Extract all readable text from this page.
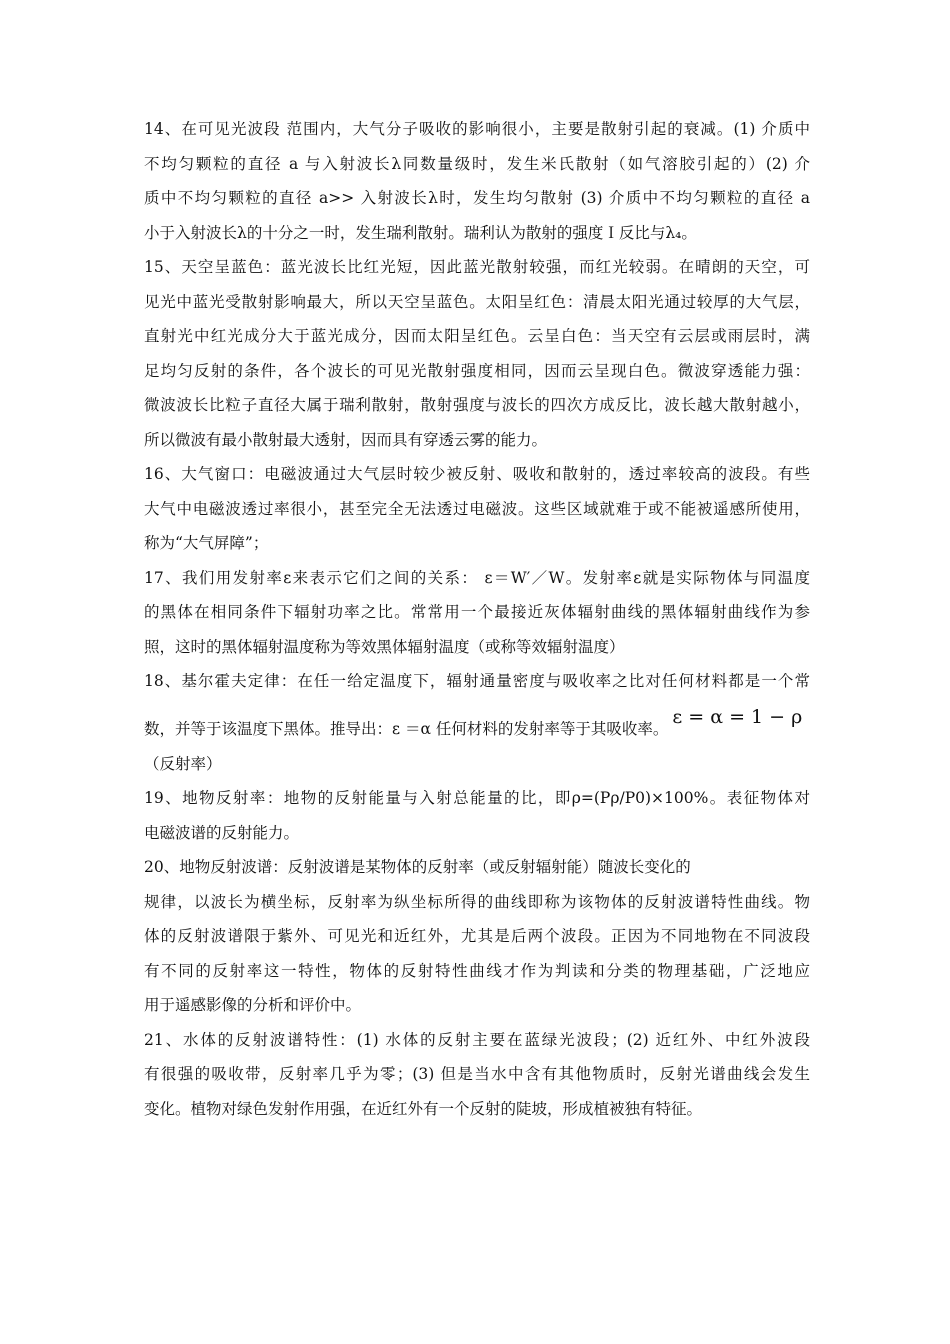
14、在可见光波段 范围内，大气分子吸收的影响很小，主要是散射引起的衰减。(1) 介质中
不均匀颗粒的直径 a 与入射波长λ同数量级时，发生米氏散射（如气溶胶引起的）(2) 介
质中不均匀颗粒的直径 a>> 入射波长λ时，发生均匀散射 (3) 介质中不均匀颗粒的直径 a
小于入射波长λ的十分之一时，发生瑞利散射。瑞利认为散射的强度Ｉ反比与λ₄。
15、天空呈蓝色：蓝光波长比红光短，因此蓝光散射较强，而红光较弱。在晴朗的天空，可
见光中蓝光受散射影响最大，所以天空呈蓝色。太阳呈红色：清晨太阳光通过较厚的大气层，
直射光中红光成分大于蓝光成分，因而太阳呈红色。云呈白色：当天空有云层或雨层时，满
足均匀反射的条件，各个波长的可见光散射强度相同，因而云呈现白色。微波穿透能力强：
微波波长比粒子直径大属于瑞利散射，散射强度与波长的四次方成反比，波长越大散射越小，
所以微波有最小散射最大透射，因而具有穿透云雾的能力。
16、大气窗口：电磁波通过大气层时较少被反射、吸收和散射的，透过率较高的波段。有些
大气中电磁波透过率很小，甚至完全无法透过电磁波。这些区域就难于或不能被遥感所使用，
称为“大气屏障”；
17、我们用发射率ε来表示它们之间的关系： ε＝W′／W。发射率ε就是实际物体与同温度
的黑体在相同条件下辐射功率之比。常常用一个最接近灰体辐射曲线的黑体辐射曲线作为参
照，这时的黑体辐射温度称为等效黑体辐射温度（或称等效辐射温度）
18、基尔霍夫定律：在任一给定温度下，辐射通量密度与吸收率之比对任何材料都是一个常
数，并等于该温度下黑体。推导出：ε ＝α 任何材料的发射率等于其吸收率。
ε = α = 1 − ρ
（反射率）
19、地物反射率：地物的反射能量与入射总能量的比，即ρ=(Pρ/P0)×100%。表征物体对
电磁波谱的反射能力。
20、地物反射波谱：反射波谱是某物体的反射率（或反射辐射能）随波长变化的
规律，以波长为横坐标，反射率为纵坐标所得的曲线即称为该物体的反射波谱特性曲线。物
体的反射波谱限于紫外、可见光和近红外，尤其是后两个波段。正因为不同地物在不同波段
有不同的反射率这一特性，物体的反射特性曲线才作为判读和分类的物理基础，广泛地应
用于遥感影像的分析和评价中。
21、水体的反射波谱特性：(1) 水体的反射主要在蓝绿光波段；(2) 近红外、中红外波段
有很强的吸收带，反射率几乎为零；(3) 但是当水中含有其他物质时，反射光谱曲线会发生
变化。植物对绿色发射作用强，在近红外有一个反射的陡坡，形成植被独有特征。
